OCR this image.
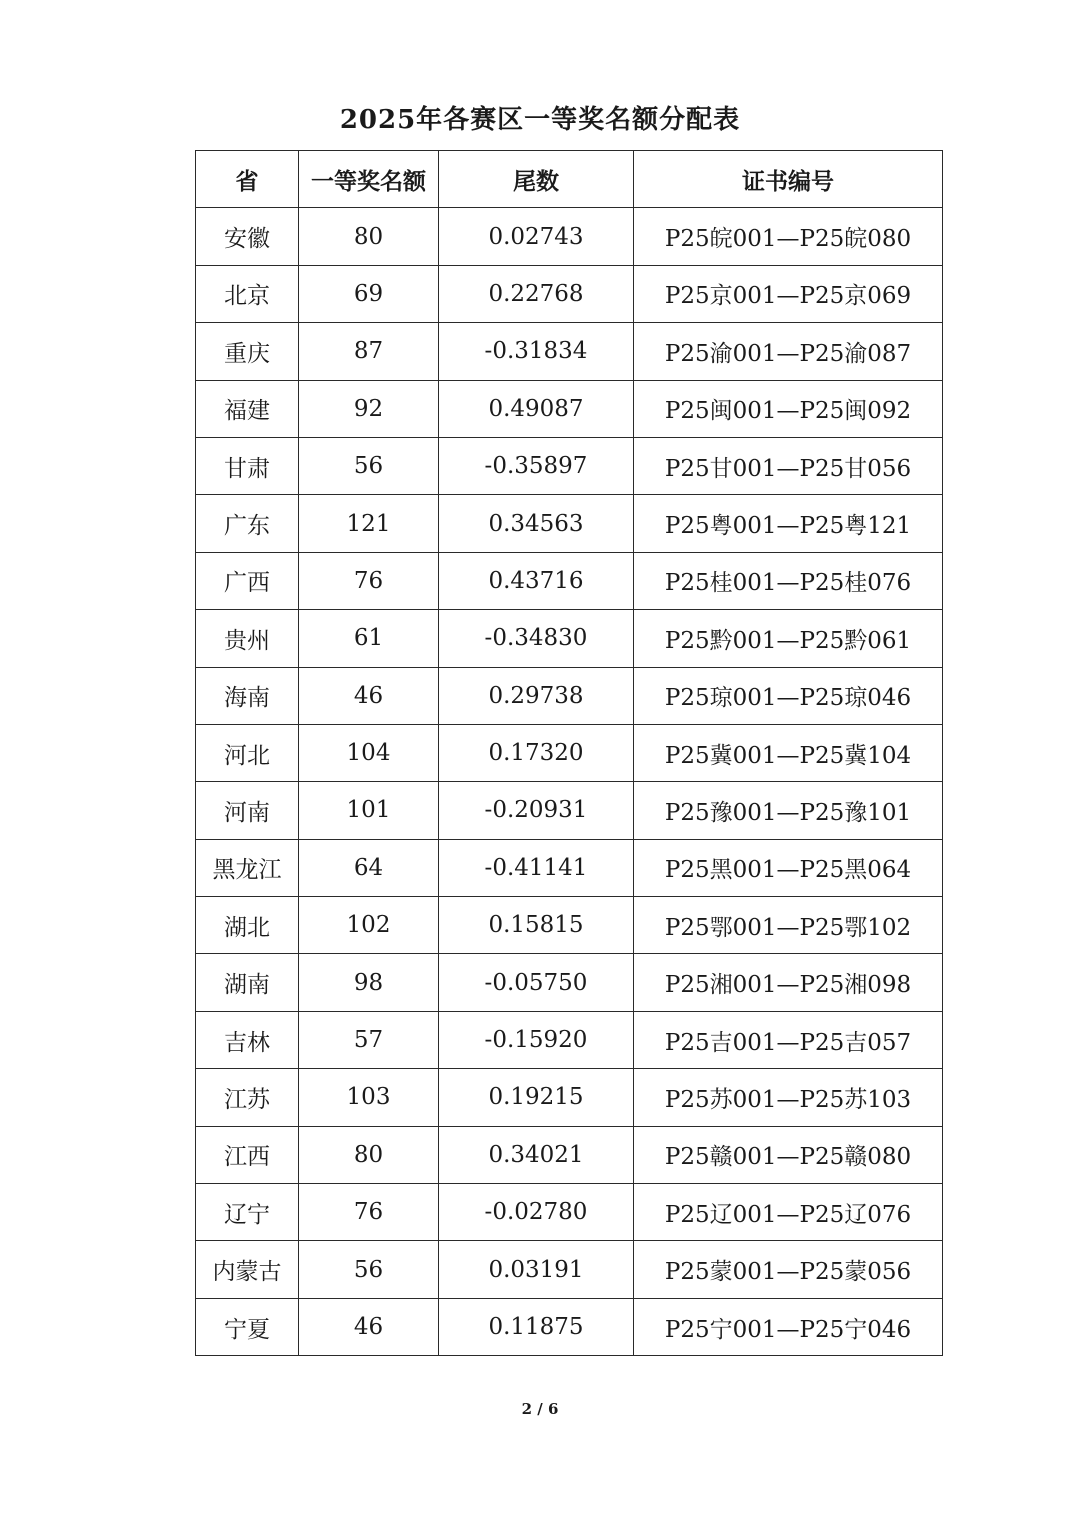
2025年各赛区一等奖名额分配表
省	一等奖名额	尾数	证书编号
安徽	80	0.02743	P25皖001—P25皖080
北京	69	0.22768	P25京001—P25京069
重庆	87	-0.31834	P25渝001—P25渝087
福建	92	0.49087	P25闽001—P25闽092
甘肃	56	-0.35897	P25甘001—P25甘056
广东	121	0.34563	P25粤001—P25粤121
广西	76	0.43716	P25桂001—P25桂076
贵州	61	-0.34830	P25黔001—P25黔061
海南	46	0.29738	P25琼001—P25琼046
河北	104	0.17320	P25冀001—P25冀104
河南	101	-0.20931	P25豫001—P25豫101
黑龙江	64	-0.41141	P25黑001—P25黑064
湖北	102	0.15815	P25鄂001—P25鄂102
湖南	98	-0.05750	P25湘001—P25湘098
吉林	57	-0.15920	P25吉001—P25吉057
江苏	103	0.19215	P25苏001—P25苏103
江西	80	0.34021	P25赣001—P25赣080
辽宁	76	-0.02780	P25辽001—P25辽076
内蒙古	56	0.03191	P25蒙001—P25蒙056
宁夏	46	0.11875	P25宁001—P25宁046
2 / 6
